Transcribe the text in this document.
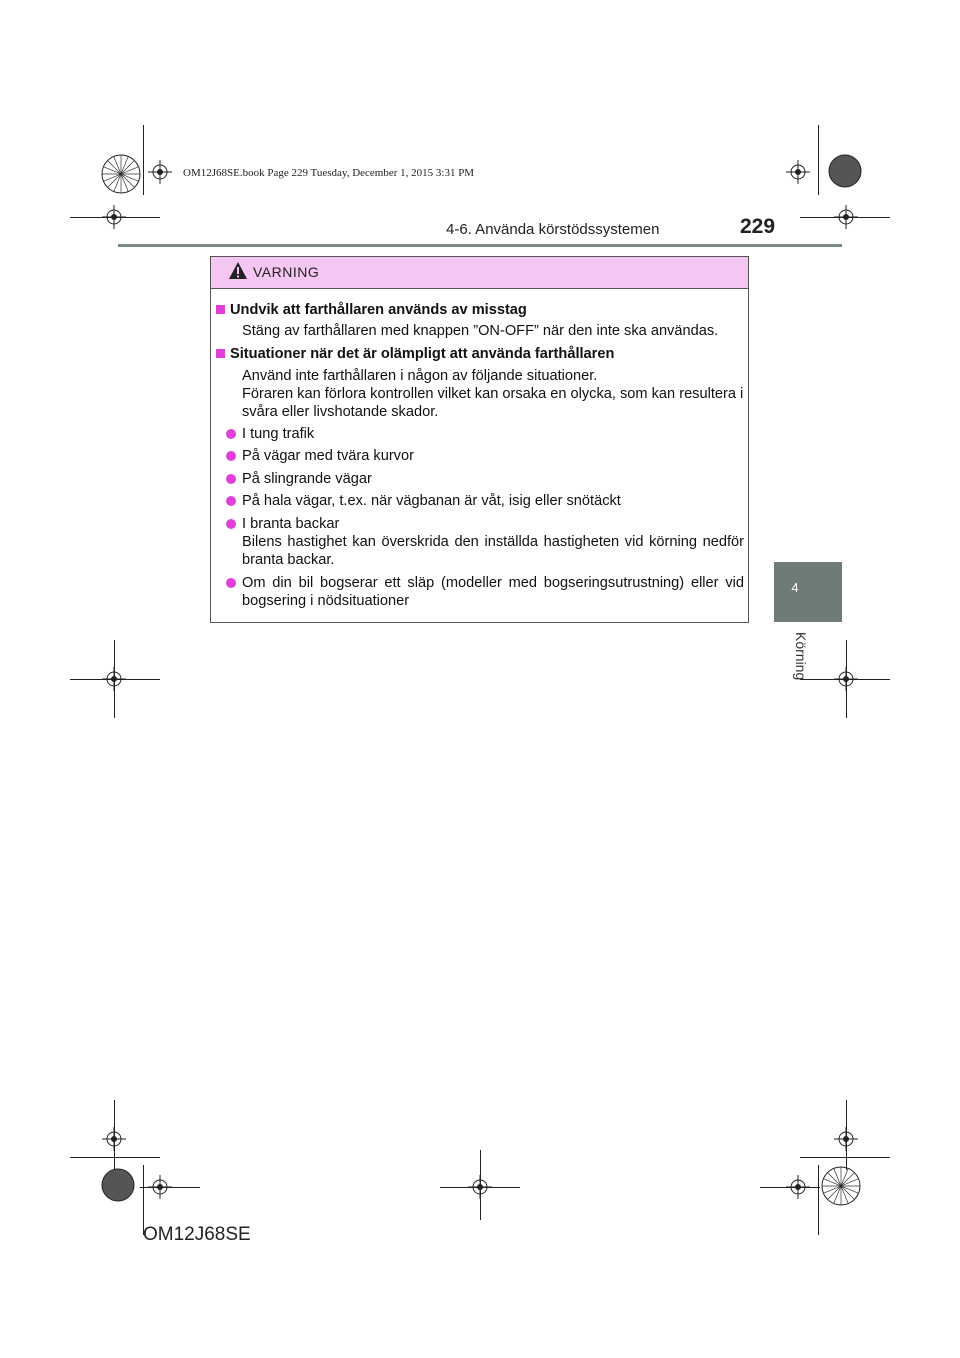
OM12J68SE.book Page 229 Tuesday, December 1, 2015 3:31 PM
4-6. Använda körstödssystemen	229
4
Körning
VARNING
Undvik att farthållaren används av misstag
Stäng av farthållaren med knappen ”ON-OFF” när den inte ska användas.
Situationer när det är olämpligt att använda farthållaren
Använd inte farthållaren i någon av följande situationer.
Föraren kan förlora kontrollen vilket kan orsaka en olycka, som kan resultera i svåra eller livshotande skador.
I tung trafik
På vägar med tvära kurvor
På slingrande vägar
På hala vägar, t.ex. när vägbanan är våt, isig eller snötäckt
I branta backar
Bilens hastighet kan överskrida den inställda hastigheten vid körning nedför branta backar.
Om din bil bogserar ett släp (modeller med bogseringsutrustning) eller vid bogsering i nödsituationer
OM12J68SE
